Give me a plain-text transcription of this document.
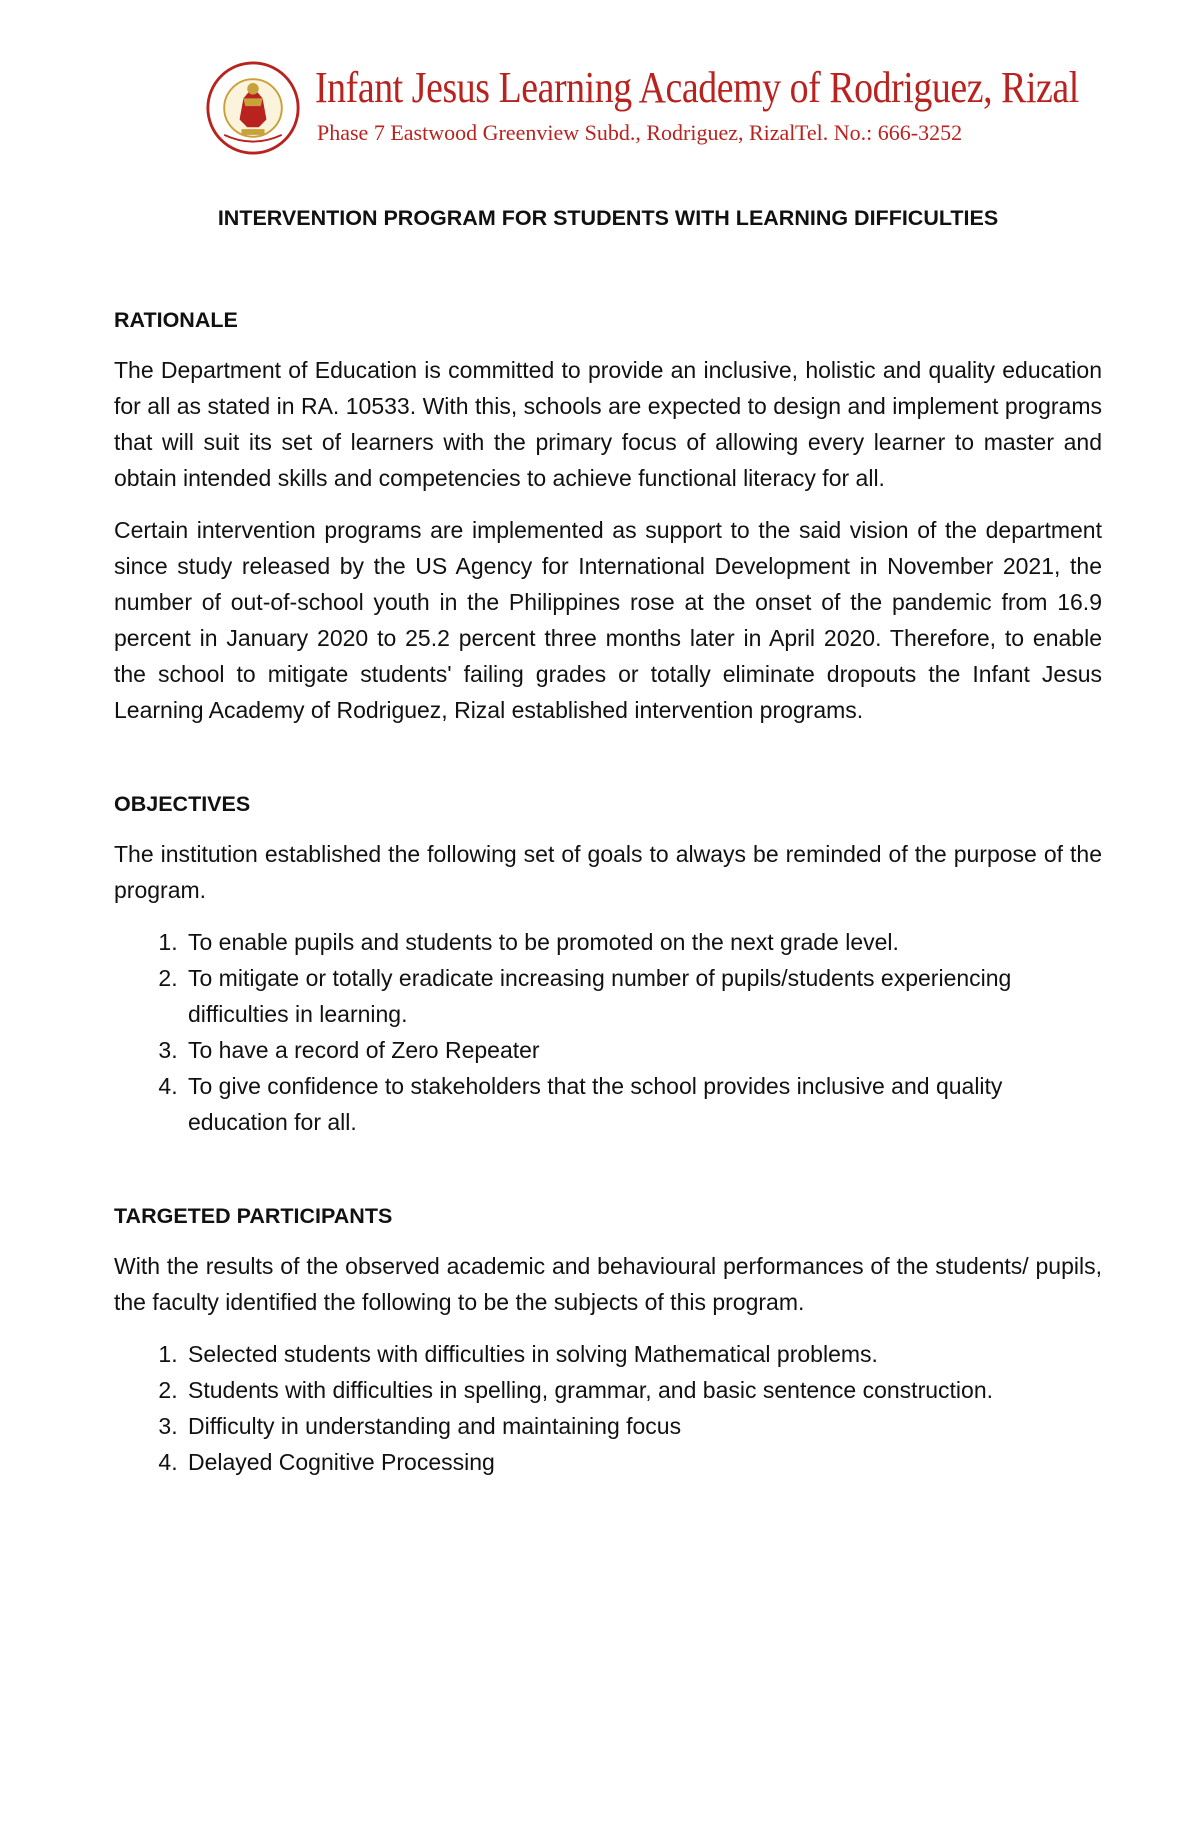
Infant Jesus Learning Academy of Rodriguez, Rizal
Phase 7 Eastwood Greenview Subd., Rodriguez, Rizal Tel. No.: 666-3252
INTERVENTION PROGRAM FOR STUDENTS WITH LEARNING DIFFICULTIES
RATIONALE

The Department of Education is committed to provide an inclusive, holistic and quality education for all as stated in RA. 10533. With this, schools are expected to design and implement programs that will suit its set of learners with the primary focus of allowing every learner to master and obtain intended skills and competencies to achieve functional literacy for all.

Certain intervention programs are implemented as support to the said vision of the department since study released by the US Agency for International Development in November 2021, the number of out-of-school youth in the Philippines rose at the onset of the pandemic from 16.9 percent in January 2020 to 25.2 percent three months later in April 2020. Therefore, to enable the school to mitigate students' failing grades or totally eliminate dropouts the Infant Jesus Learning Academy of Rodriguez, Rizal established intervention programs.

OBJECTIVES

The institution established the following set of goals to always be reminded of the purpose of the program.

1. To enable pupils and students to be promoted on the next grade level.
2. To mitigate or totally eradicate increasing number of pupils/students experiencing difficulties in learning.
3. To have a record of Zero Repeater
4. To give confidence to stakeholders that the school provides inclusive and quality education for all.
TARGETED PARTICIPANTS

With the results of the observed academic and behavioural performances of the students/ pupils, the faculty identified the following to be the subjects of this program.

1. Selected students with difficulties in solving Mathematical problems.
2. Students with difficulties in spelling, grammar, and basic sentence construction.
3. Difficulty in understanding and maintaining focus
4. Delayed Cognitive Processing
